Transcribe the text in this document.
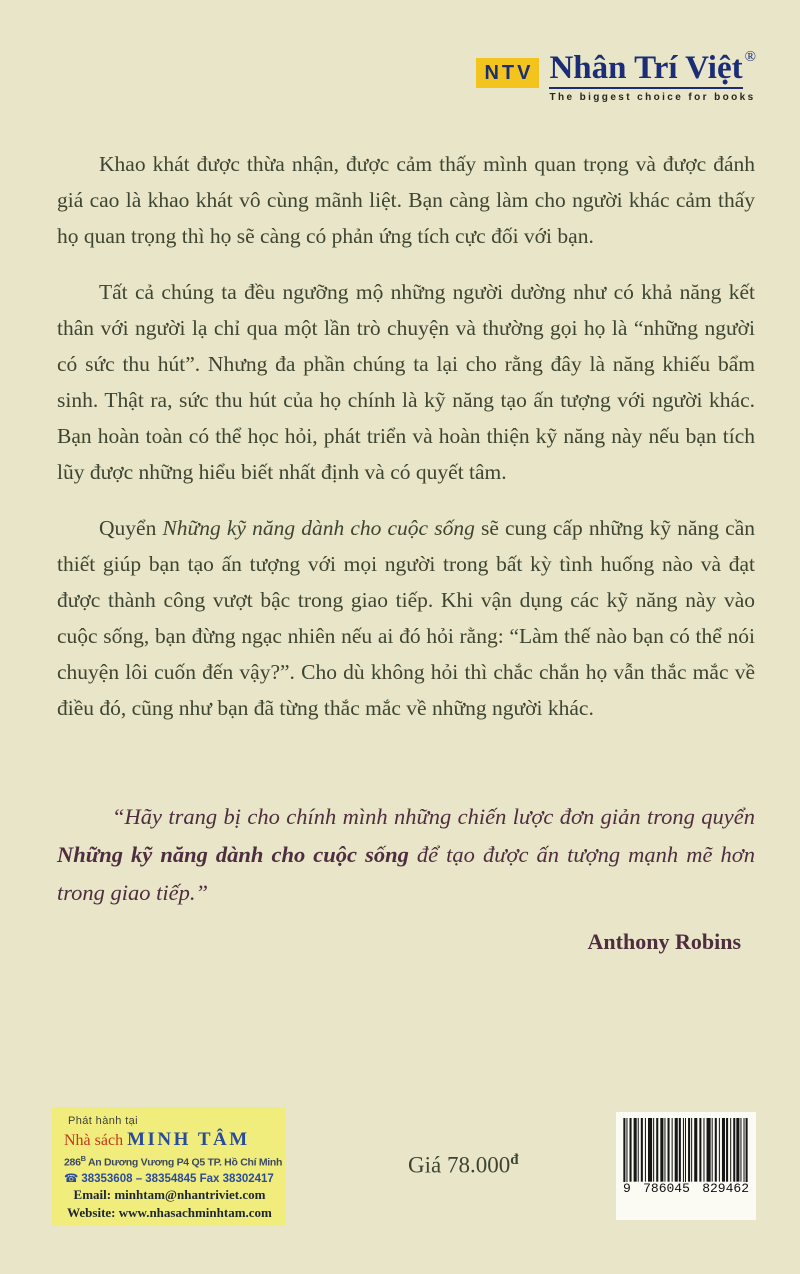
NTV Nhân Trí Việt ®
The biggest choice for books

Khao khát được thừa nhận, được cảm thấy mình quan trọng và được đánh giá cao là khao khát vô cùng mãnh liệt. Bạn càng làm cho người khác cảm thấy họ quan trọng thì họ sẽ càng có phản ứng tích cực đối với bạn.

Tất cả chúng ta đều ngưỡng mộ những người dường như có khả năng kết thân với người lạ chỉ qua một lần trò chuyện và thường gọi họ là “những người có sức thu hút”. Nhưng đa phần chúng ta lại cho rằng đây là năng khiếu bẩm sinh. Thật ra, sức thu hút của họ chính là kỹ năng tạo ấn tượng với người khác. Bạn hoàn toàn có thể học hỏi, phát triển và hoàn thiện kỹ năng này nếu bạn tích lũy được những hiểu biết nhất định và có quyết tâm.

Quyển Những kỹ năng dành cho cuộc sống sẽ cung cấp những kỹ năng cần thiết giúp bạn tạo ấn tượng với mọi người trong bất kỳ tình huống nào và đạt được thành công vượt bậc trong giao tiếp. Khi vận dụng các kỹ năng này vào cuộc sống, bạn đừng ngạc nhiên nếu ai đó hỏi rằng: “Làm thế nào bạn có thể nói chuyện lôi cuốn đến vậy?”. Cho dù không hỏi thì chắc chắn họ vẫn thắc mắc về điều đó, cũng như bạn đã từng thắc mắc về những người khác.

“Hãy trang bị cho chính mình những chiến lược đơn giản trong quyển Những kỹ năng dành cho cuộc sống để tạo được ấn tượng mạnh mẽ hơn trong giao tiếp.”

Anthony Robins
Phát hành tại
Nhà sách MINH TÂM
$286^B$ An Dương Vương P4 Q5 TP. Hồ Chí Minh
☎ 38353608 – 38354845 Fax 38302417
Email: minhtam@nhantriviet.com
Website: www.nhasachminhtam.com
Giá $78.000^đ$
9 786045 829462
